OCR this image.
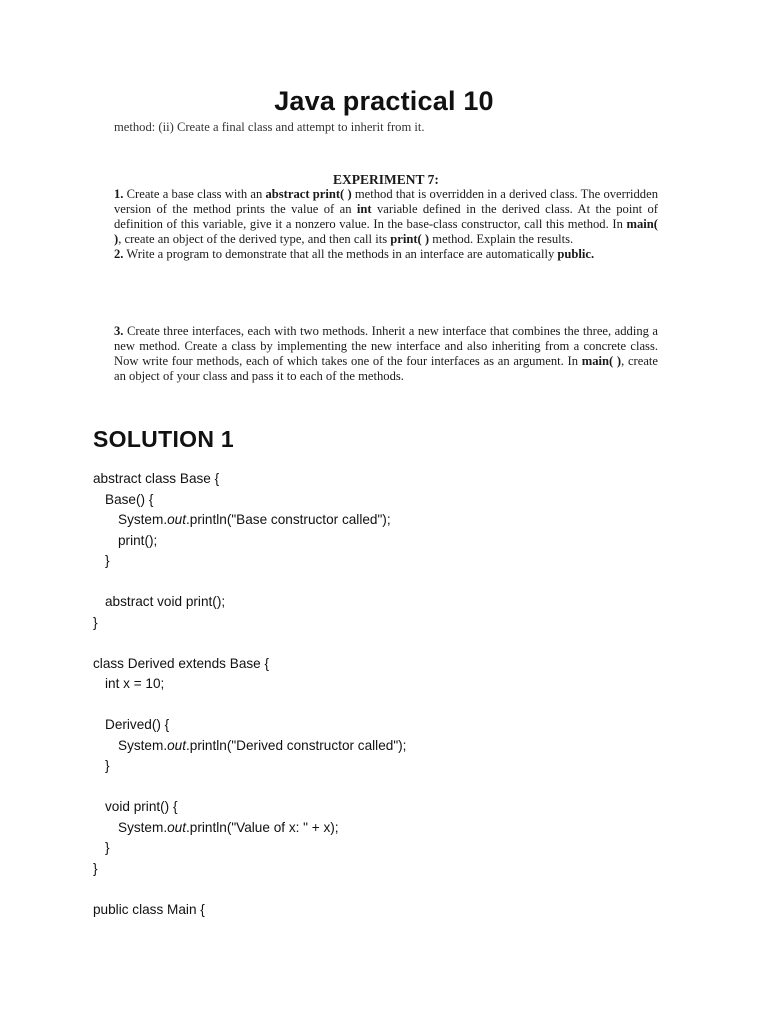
Java practical 10
method: (ii) Create a final class and attempt to inherit from it.
EXPERIMENT 7:

1. Create a base class with an abstract print( ) method that is overridden in a derived class. The overridden version of the method prints the value of an int variable defined in the derived class. At the point of definition of this variable, give it a nonzero value. In the base-class constructor, call this method. In main( ), create an object of the derived type, and then call its print( ) method. Explain the results.

2. Write a program to demonstrate that all the methods in an interface are automatically public.

3. Create three interfaces, each with two methods. Inherit a new interface that combines the three, adding a new method. Create a class by implementing the new interface and also inheriting from a concrete class. Now write four methods, each of which takes one of the four interfaces as an argument. In main( ), create an object of your class and pass it to each of the methods.

SOLUTION 1
abstract class Base {
Base() {
System.out.println("Base constructor called");
print();
}
abstract void print();
}
class Derived extends Base {
int x = 10;
Derived() {
System.out.println("Derived constructor called");
}
void print() {
System.out.println("Value of x: " + x);
}
}
public class Main {
